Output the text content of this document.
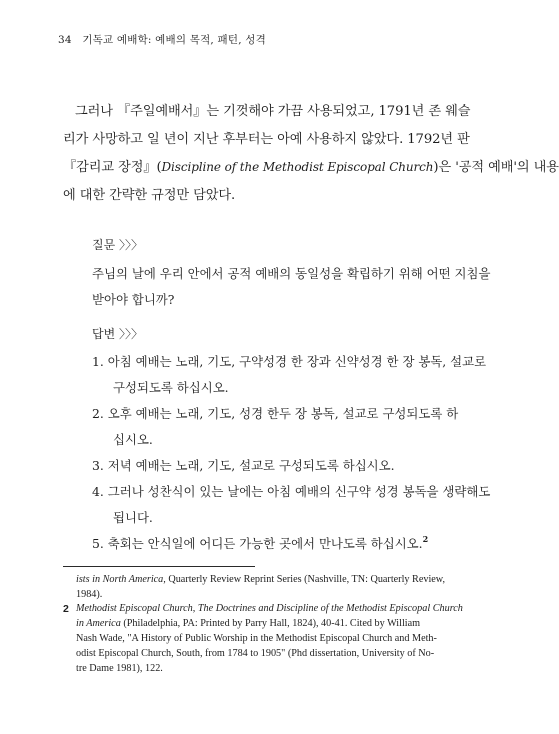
34 기독교 예배학: 예배의 목적, 패턴, 성격
그러나 『주일예배서』는 기껏해야 가끔 사용되었고, 1791년 존 웨슬
리가 사망하고 일 년이 지난 후부터는 아예 사용하지 않았다. 1792년 판
『감리교 장정』(Discipline of the Methodist Episcopal Church)은 '공적 예배'의 내용
에 대한 간략한 규정만 담았다.
질문 〉〉〉
주님의 날에 우리 안에서 공적 예배의 동일성을 확립하기 위해 어떤 지침을
받아야 합니까?
답변 〉〉〉
1. 아침 예배는 노래, 기도, 구약성경 한 장과 신약성경 한 장 봉독, 설교로
구성되도록 하십시오.
2. 오후 예배는 노래, 기도, 성경 한두 장 봉독, 설교로 구성되도록 하
십시오.
3. 저녁 예배는 노래, 기도, 설교로 구성되도록 하십시오.
4. 그러나 성찬식이 있는 날에는 아침 예배의 신구약 성경 봉독을 생략해도
됩니다.
5. 축회는 안식일에 어디든 가능한 곳에서 만나도록 하십시오.$^2$
ists in North America, Quarterly Review Reprint Series (Nashville, TN: Quarterly Review,
1984).
2 Methodist Episcopal Church, The Doctrines and Discipline of the Methodist Episcopal Church
in America (Philadelphia, PA: Printed by Parry Hall, 1824), 40-41. Cited by William
Nash Wade, "A History of Public Worship in the Methodist Episcopal Church and Meth-
odist Episcopal Church, South, from 1784 to 1905" (Phd dissertation, University of No-
tre Dame 1981), 122.
